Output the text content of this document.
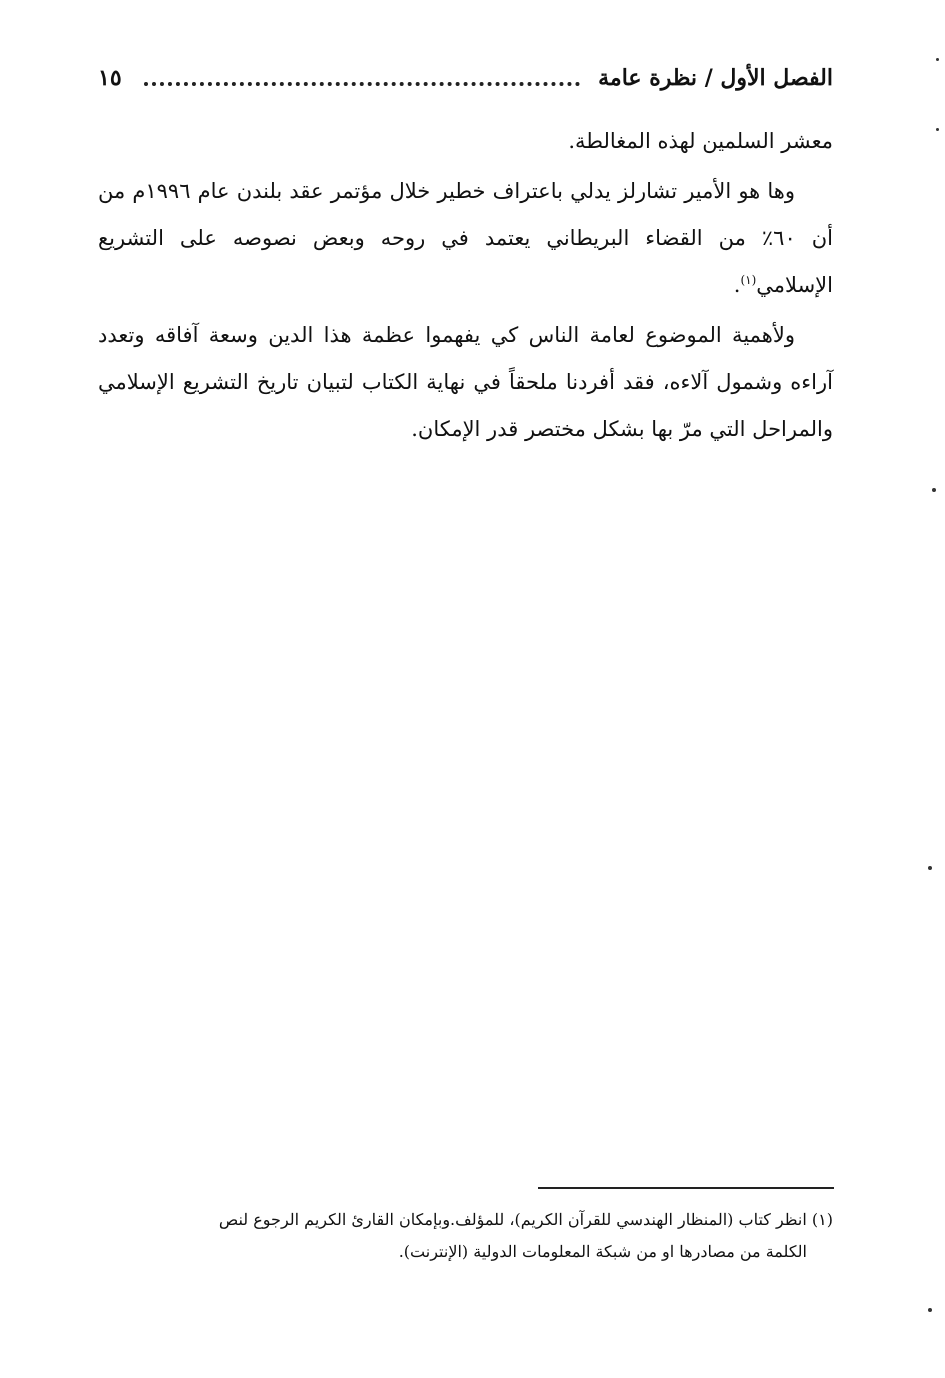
الفصل الأول / نظرة عامة
١٥

معشر السلمين لهذه المغالطة.

وها هو الأمير تشارلز يدلي باعتراف خطير خلال مؤتمر عقد بلندن عام ١٩٩٦م من أن ٦٠٪ من القضاء البريطاني يعتمد في روحه وبعض نصوصه على التشريع الإسلامي$^{(١)}$.

ولأهمية الموضوع لعامة الناس كي يفهموا عظمة هذا الدين وسعة آفاقه وتعدد آراءه وشمول آلاءه، فقد أفردنا ملحقاً في نهاية الكتاب لتبيان تاريخ التشريع الإسلامي والمراحل التي مرّ بها بشكل مختصر قدر الإمكان.

(١) انظر كتاب (المنظار الهندسي للقرآن الكريم)، للمؤلف.وبإمكان القارئ الكريم الرجوع لنص

الكلمة من مصادرها او من شبكة المعلومات الدولية (الإنترنت).
